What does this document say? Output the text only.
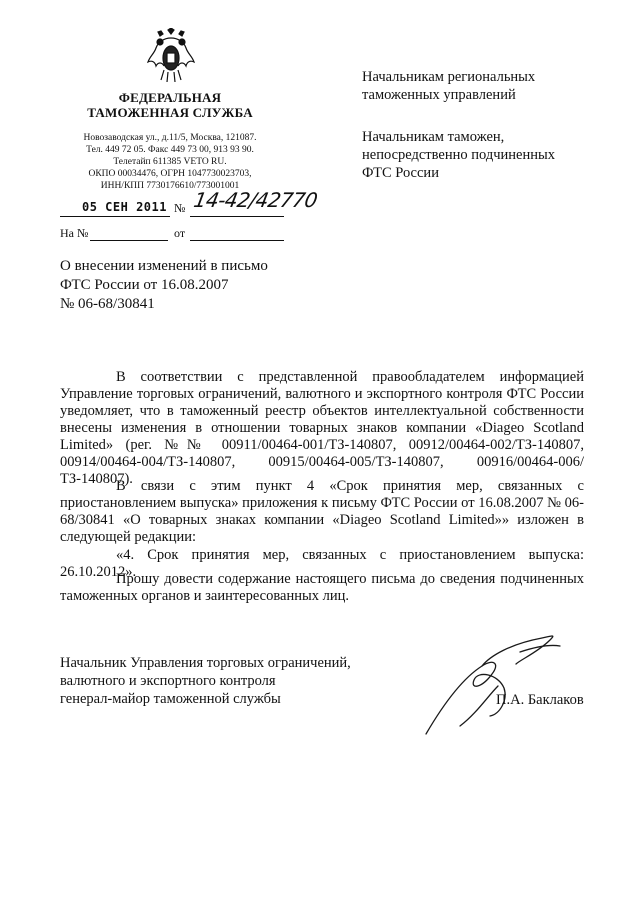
ФЕДЕРАЛЬНАЯ
ТАМОЖЕННАЯ СЛУЖБА
Новозаводская ул., д.11/5, Москва, 121087.
Тел. 449 72 05. Факс 449 73 00, 913 93 90.
Телетайп 611385 VETO RU.
ОКПО 00034476, ОГРН 1047730023703,
ИНН/КПП 7730176610/773001001
05 СЕН 2011 № 14-42/42770
На №	от
Начальникам региональных
таможенных управлений
Начальникам таможен,
непосредственно подчиненных
ФТС России
О внесении изменений в письмо
ФТС России от 16.08.2007
№ 06-68/30841
В соответствии с представленной правообладателем информацией Управление торговых ограничений, валютного и экспортного контроля ФТС России уведомляет, что в таможенный реестр объектов интеллектуальной собственности внесены изменения в отношении товарных знаков компании «Diageo Scotland Limited» (рег. №№ 00911/00464-001/ТЗ-140807, 00912/00464-002/ТЗ-140807, 00914/00464-004/ТЗ-140807, 00915/00464-005/ТЗ-140807, 00916/00464-006/ТЗ-140807).
В связи с этим пункт 4 «Срок принятия мер, связанных с приостановлением выпуска» приложения к письму ФТС России от 16.08.2007 № 06-68/30841 «О товарных знаках компании «Diageo Scotland Limited»» изложен в следующей редакции:
«4. Срок принятия мер, связанных с приостановлением выпуска: 26.10.2012».
Прошу довести содержание настоящего письма до сведения подчиненных таможенных органов и заинтересованных лиц.
Начальник Управления торговых ограничений,
валютного и экспортного контроля
генерал-майор таможенной службы	П.А. Баклаков
